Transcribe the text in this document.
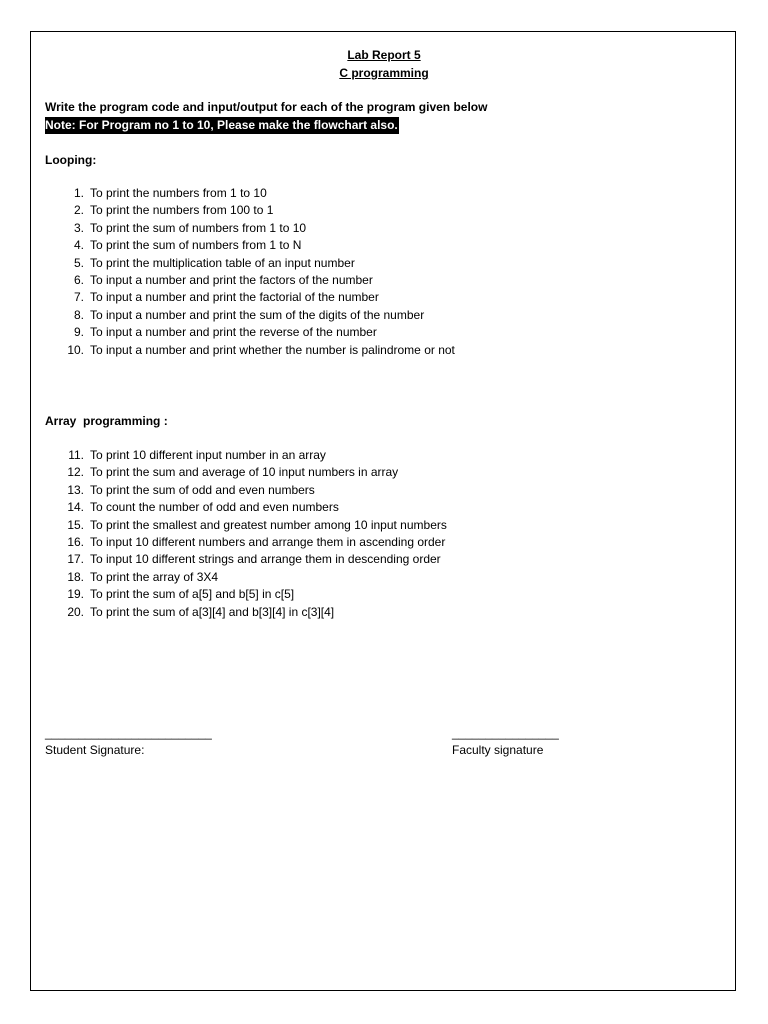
Lab Report 5
C programming
Write the program code and input/output for each of the program given below
Note: For Program no 1 to 10, Please make the flowchart also.
Looping:
1. To print the numbers from 1 to 10
2. To print the numbers from 100 to 1
3. To print the sum of numbers from 1 to 10
4. To print the sum of numbers from 1 to N
5. To print the multiplication table of an input number
6. To input a number and print the factors of the number
7. To input a number and print the factorial of the number
8. To input a number and print the sum of the digits of the number
9. To input a number and print the reverse of the number
10. To input a number and print whether the number is palindrome or not
Array  programming :
11. To print 10 different input number in an array
12. To print the sum and average of 10 input numbers in array
13. To print the sum of odd and even numbers
14. To count the number of odd and even numbers
15. To print the smallest and greatest number among 10 input numbers
16. To input 10 different numbers and arrange them in ascending order
17. To input 10 different strings and arrange them in descending order
18. To print the array of 3X4
19. To print the sum of a[5] and b[5] in c[5]
20. To print the sum of a[3][4] and b[3][4] in c[3][4]
_________________________
Student Signature:
________________
Faculty signature
